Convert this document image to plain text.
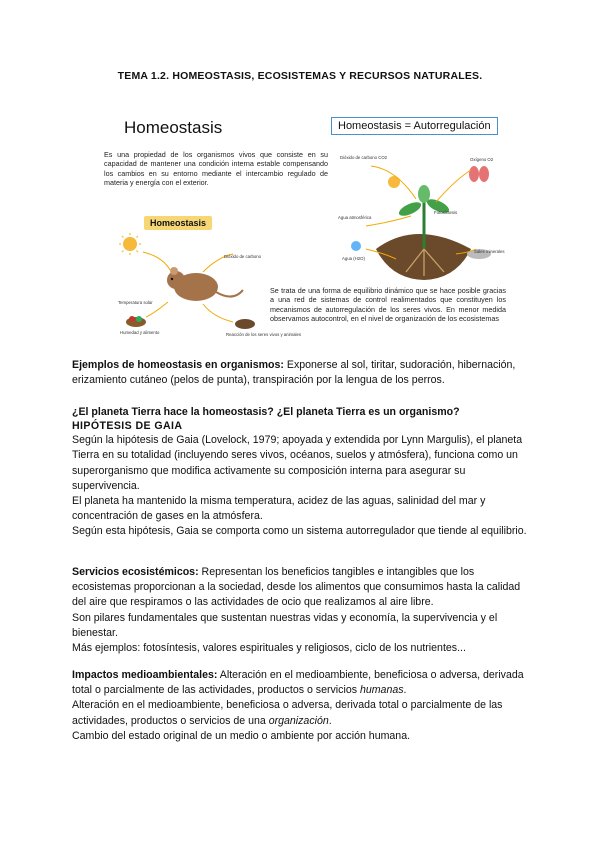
TEMA 1.2. HOMEOSTASIS, ECOSISTEMAS Y RECURSOS NATURALES.
Homeostasis	Homeostasis = Autorregulación
Es una propiedad de los organismos vivos que consiste en su capacidad de mantener una condición interna estable compensando los cambios en su entorno mediante el intercambio regulado de materia y energía con el exterior.
Homeostasis
Dióxido de carbono
Temperatura solar
Humedad y alimento	Reacción de los seres vivos y animales
Dióxido de carbono CO2	Oxígeno O2
Agua atmosférica
Fotosíntesis
Agua (H2O)
Sales minerales
Se trata de una forma de equilibrio dinámico que se hace posible gracias a una red de sistemas de control realimentados que constituyen los mecanismos de autorregulación de los seres vivos. En menor medida observamos autocontrol, en el nivel de organización de los ecosistemas
Ejemplos de homeostasis en organismos: Exponerse al sol, tiritar, sudoración, hibernación, erizamiento cutáneo (pelos de punta), transpiración por la lengua de los perros.
¿El planeta Tierra hace la homeostasis? ¿El planeta Tierra es un organismo?
HIPÓTESIS DE GAIA
Según la hipótesis de Gaia (Lovelock, 1979; apoyada y extendida por Lynn Margulis), el planeta Tierra en su totalidad (incluyendo seres vivos, océanos, suelos y atmósfera), funciona como un superorganismo que modifica activamente su composición interna para asegurar su supervivencia.
El planeta ha mantenido la misma temperatura, acidez de las aguas, salinidad del mar y concentración de gases en la atmósfera.
Según esta hipótesis, Gaia se comporta como un sistema autorregulador que tiende al equilibrio.
Servicios ecosistémicos: Representan los beneficios tangibles e intangibles que los ecosistemas proporcionan a la sociedad, desde los alimentos que consumimos hasta la calidad del aire que respiramos o las actividades de ocio que realizamos al aire libre.
Son pilares fundamentales que sustentan nuestras vidas y economía, la supervivencia y el bienestar.
Más ejemplos: fotosíntesis, valores espirituales y religiosos, ciclo de los nutrientes...
Impactos medioambientales: Alteración en el medioambiente, beneficiosa o adversa, derivada total o parcialmente de las actividades, productos o servicios humanas.
Alteración en el medioambiente, beneficiosa o adversa, derivada total o parcialmente de las actividades, productos o servicios de una organización.
Cambio del estado original de un medio o ambiente por acción humana.
